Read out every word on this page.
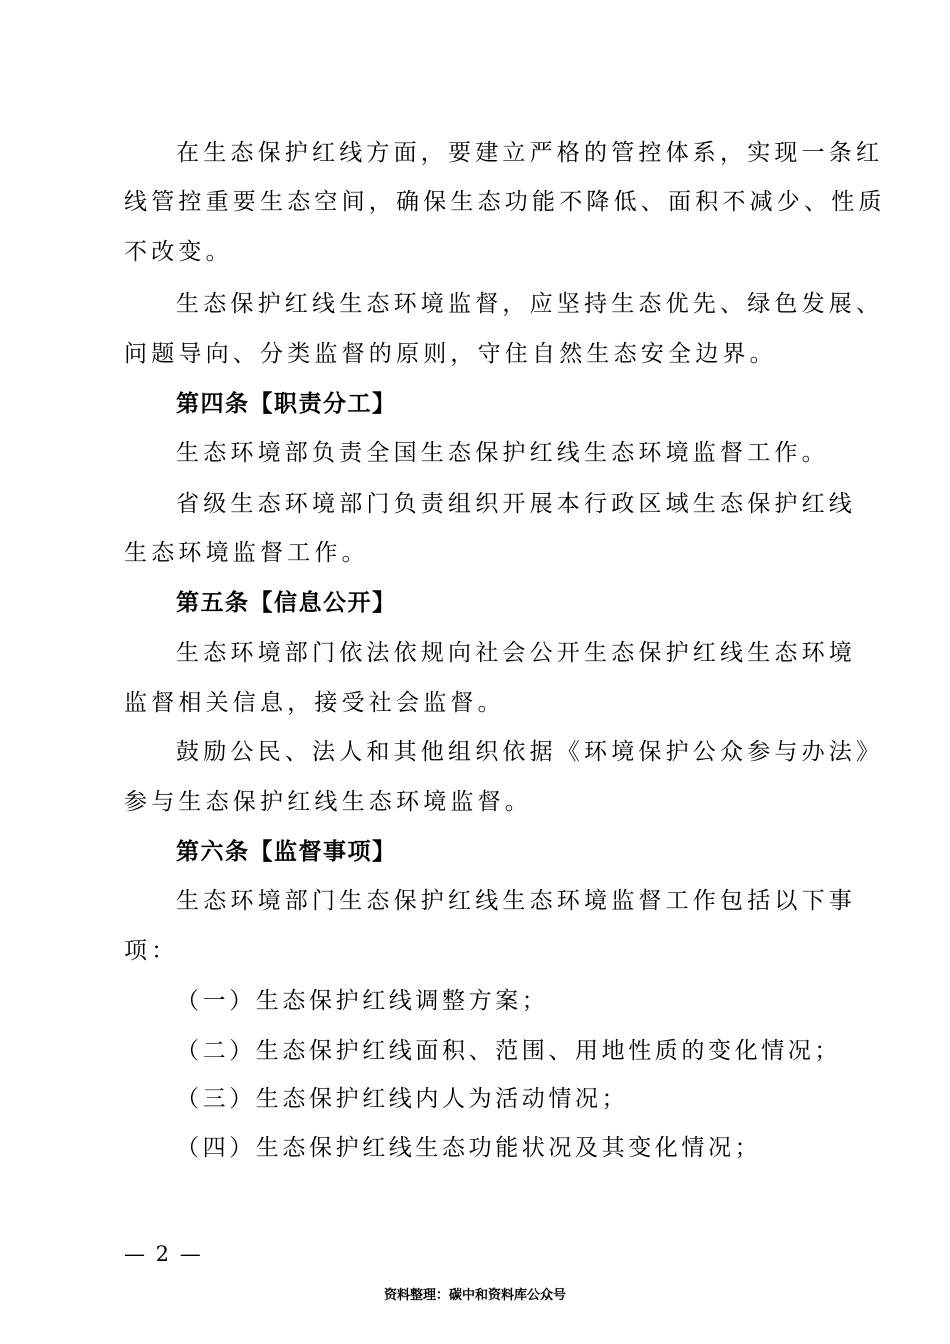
在生态保护红线方面，要建立严格的管控体系，实现一条红
线管控重要生态空间，确保生态功能不降低、面积不减少、性质
不改变。
生态保护红线生态环境监督，应坚持生态优先、绿色发展、
问题导向、分类监督的原则，守住自然生态安全边界。
第四条【职责分工】
生态环境部负责全国生态保护红线生态环境监督工作。
省级生态环境部门负责组织开展本行政区域生态保护红线
生态环境监督工作。
第五条【信息公开】
生态环境部门依法依规向社会公开生态保护红线生态环境
监督相关信息，接受社会监督。
鼓励公民、法人和其他组织依据《环境保护公众参与办法》
参与生态保护红线生态环境监督。
第六条【监督事项】
生态环境部门生态保护红线生态环境监督工作包括以下事
项：
（一）生态保护红线调整方案；
（二）生态保护红线面积、范围、用地性质的变化情况；
（三）生态保护红线内人为活动情况；
（四）生态保护红线生态功能状况及其变化情况；
— 2 —
资料整理：碳中和资料库公众号
